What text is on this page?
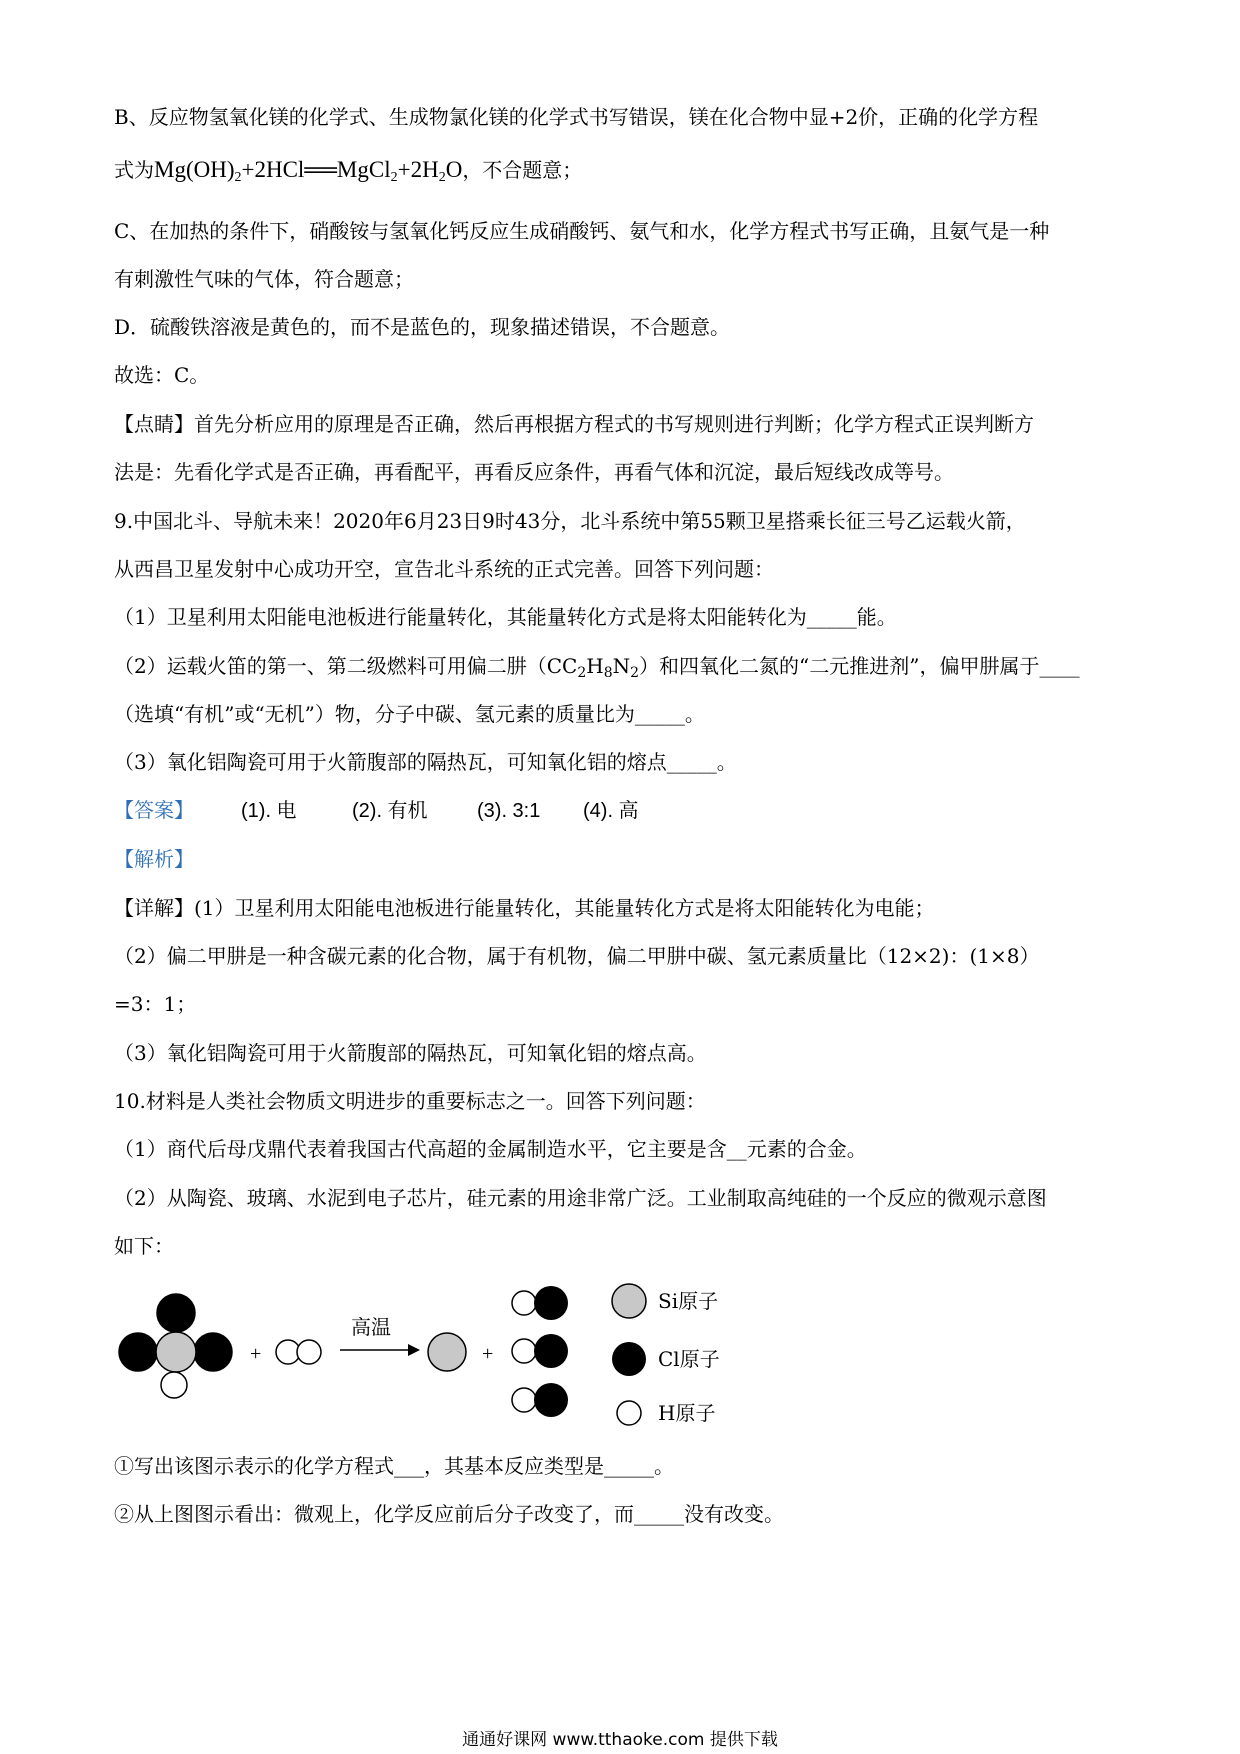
B、反应物氢氧化镁的化学式、生成物氯化镁的化学式书写错误，镁在化合物中显+2价，正确的化学方程
式为$Mg(OH)_2+2HCl══MgCl_2+2H_2O$，不合题意；
C、在加热的条件下，硝酸铵与氢氧化钙反应生成硝酸钙、氨气和水，化学方程式书写正确，且氨气是一种
有刺激性气味的气体，符合题意；
D．硫酸铁溶液是黄色的，而不是蓝色的，现象描述错误，不合题意。
故选：C。
【点睛】首先分析应用的原理是否正确，然后再根据方程式的书写规则进行判断；化学方程式正误判断方
法是：先看化学式是否正确，再看配平，再看反应条件，再看气体和沉淀，最后短线改成等号。
9.中国北斗、导航未来！2020年6月23日9时43分，北斗系统中第55颗卫星搭乘长征三号乙运载火箭，
从西昌卫星发射中心成功开空，宣告北斗系统的正式完善。回答下列问题：
（1）卫星利用太阳能电池板进行能量转化，其能量转化方式是将太阳能转化为_____能。
（2）运载火笛的第一、第二级燃料可用偏二肼$(CC_2H_8N_2)$和四氧化二氮的“二元推进剂”，偏甲肼属于____
（选填“有机”或“无机”）物，分子中碳、氢元素的质量比为_____。
（3）氧化铝陶瓷可用于火箭腹部的隔热瓦，可知氧化铝的熔点_____。
【答案】 (1). 电	(2). 有机 (3). 3:1 (4). 高
【解析】
【详解】(1）卫星利用太阳能电池板进行能量转化，其能量转化方式是将太阳能转化为电能；
（2）偏二甲肼是一种含碳元素的化合物，属于有机物，偏二甲肼中碳、氢元素质量比（12×2)：(1×8）
=3：1；
（3）氧化铝陶瓷可用于火箭腹部的隔热瓦，可知氧化铝的熔点高。
10.材料是人类社会物质文明进步的重要标志之一。回答下列问题：
（1）商代后母戊鼎代表着我国古代高超的金属制造水平，它主要是含__元素的合金。
（2）从陶瓷、玻璃、水泥到电子芯片，硅元素的用途非常广泛。工业制取高纯硅的一个反应的微观示意图
如下：
+
高温
+
Si原子
Cl原子
H原子
①写出该图示表示的化学方程式___，其基本反应类型是_____。
②从上图图示看出：微观上，化学反应前后分子改变了，而_____没有改变。
通通好课网 www.tthaoke.com 提供下载
